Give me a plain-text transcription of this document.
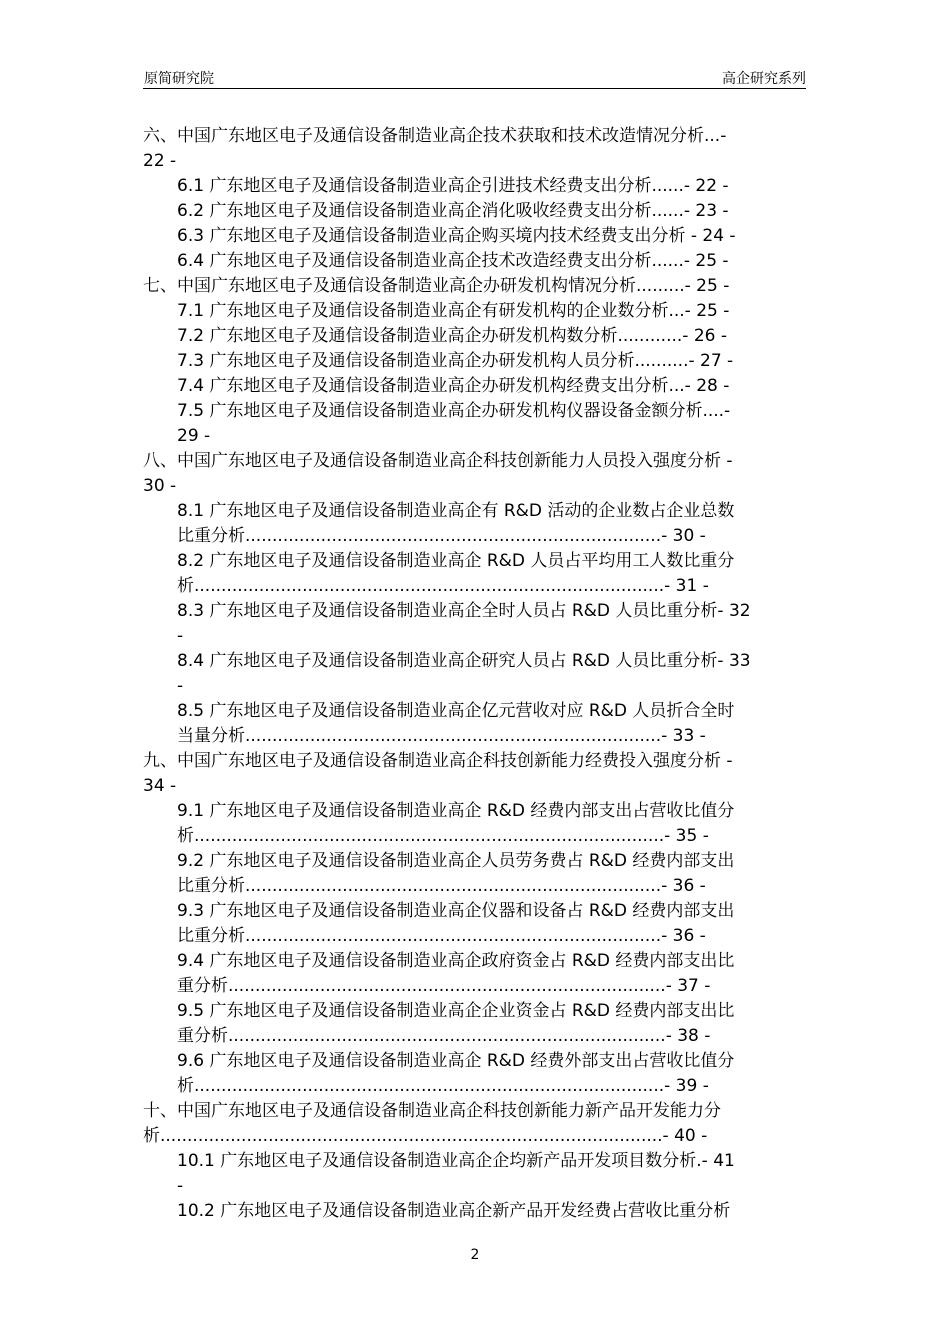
原简研究院	高企研究系列
六、中国广东地区电子及通信设备制造业高企技术获取和技术改造情况分析...-
22 -
6.1 广东地区电子及通信设备制造业高企引进技术经费支出分析......- 22 -
6.2 广东地区电子及通信设备制造业高企消化吸收经费支出分析......- 23 -
6.3 广东地区电子及通信设备制造业高企购买境内技术经费支出分析 - 24 -
6.4 广东地区电子及通信设备制造业高企技术改造经费支出分析......- 25 -
七、中国广东地区电子及通信设备制造业高企办研发机构情况分析.........- 25 -
7.1 广东地区电子及通信设备制造业高企有研发机构的企业数分析...- 25 -
7.2 广东地区电子及通信设备制造业高企办研发机构数分析............- 26 -
7.3 广东地区电子及通信设备制造业高企办研发机构人员分析..........- 27 -
7.4 广东地区电子及通信设备制造业高企办研发机构经费支出分析...- 28 -
7.5 广东地区电子及通信设备制造业高企办研发机构仪器设备金额分析....-
29 -
八、中国广东地区电子及通信设备制造业高企科技创新能力人员投入强度分析 -
30 -
8.1 广东地区电子及通信设备制造业高企有 R&D 活动的企业数占企业总数
比重分析.............................................................................- 30 -
8.2 广东地区电子及通信设备制造业高企 R&D 人员占平均用工人数比重分
析.......................................................................................- 31 -
8.3 广东地区电子及通信设备制造业高企全时人员占 R&D 人员比重分析- 32
-
8.4 广东地区电子及通信设备制造业高企研究人员占 R&D 人员比重分析- 33
-
8.5 广东地区电子及通信设备制造业高企亿元营收对应 R&D 人员折合全时
当量分析.............................................................................- 33 -
九、中国广东地区电子及通信设备制造业高企科技创新能力经费投入强度分析 -
34 -
9.1 广东地区电子及通信设备制造业高企 R&D 经费内部支出占营收比值分
析.......................................................................................- 35 -
9.2 广东地区电子及通信设备制造业高企人员劳务费占 R&D 经费内部支出
比重分析.............................................................................- 36 -
9.3 广东地区电子及通信设备制造业高企仪器和设备占 R&D 经费内部支出
比重分析.............................................................................- 36 -
9.4 广东地区电子及通信设备制造业高企政府资金占 R&D 经费内部支出比
重分析.................................................................................- 37 -
9.5 广东地区电子及通信设备制造业高企企业资金占 R&D 经费内部支出比
重分析.................................................................................- 38 -
9.6 广东地区电子及通信设备制造业高企 R&D 经费外部支出占营收比值分
析.......................................................................................- 39 -
十、中国广东地区电子及通信设备制造业高企科技创新能力新产品开发能力分
析.............................................................................................- 40 -
10.1 广东地区电子及通信设备制造业高企企均新产品开发项目数分析.- 41
-
10.2 广东地区电子及通信设备制造业高企新产品开发经费占营收比重分析
2
